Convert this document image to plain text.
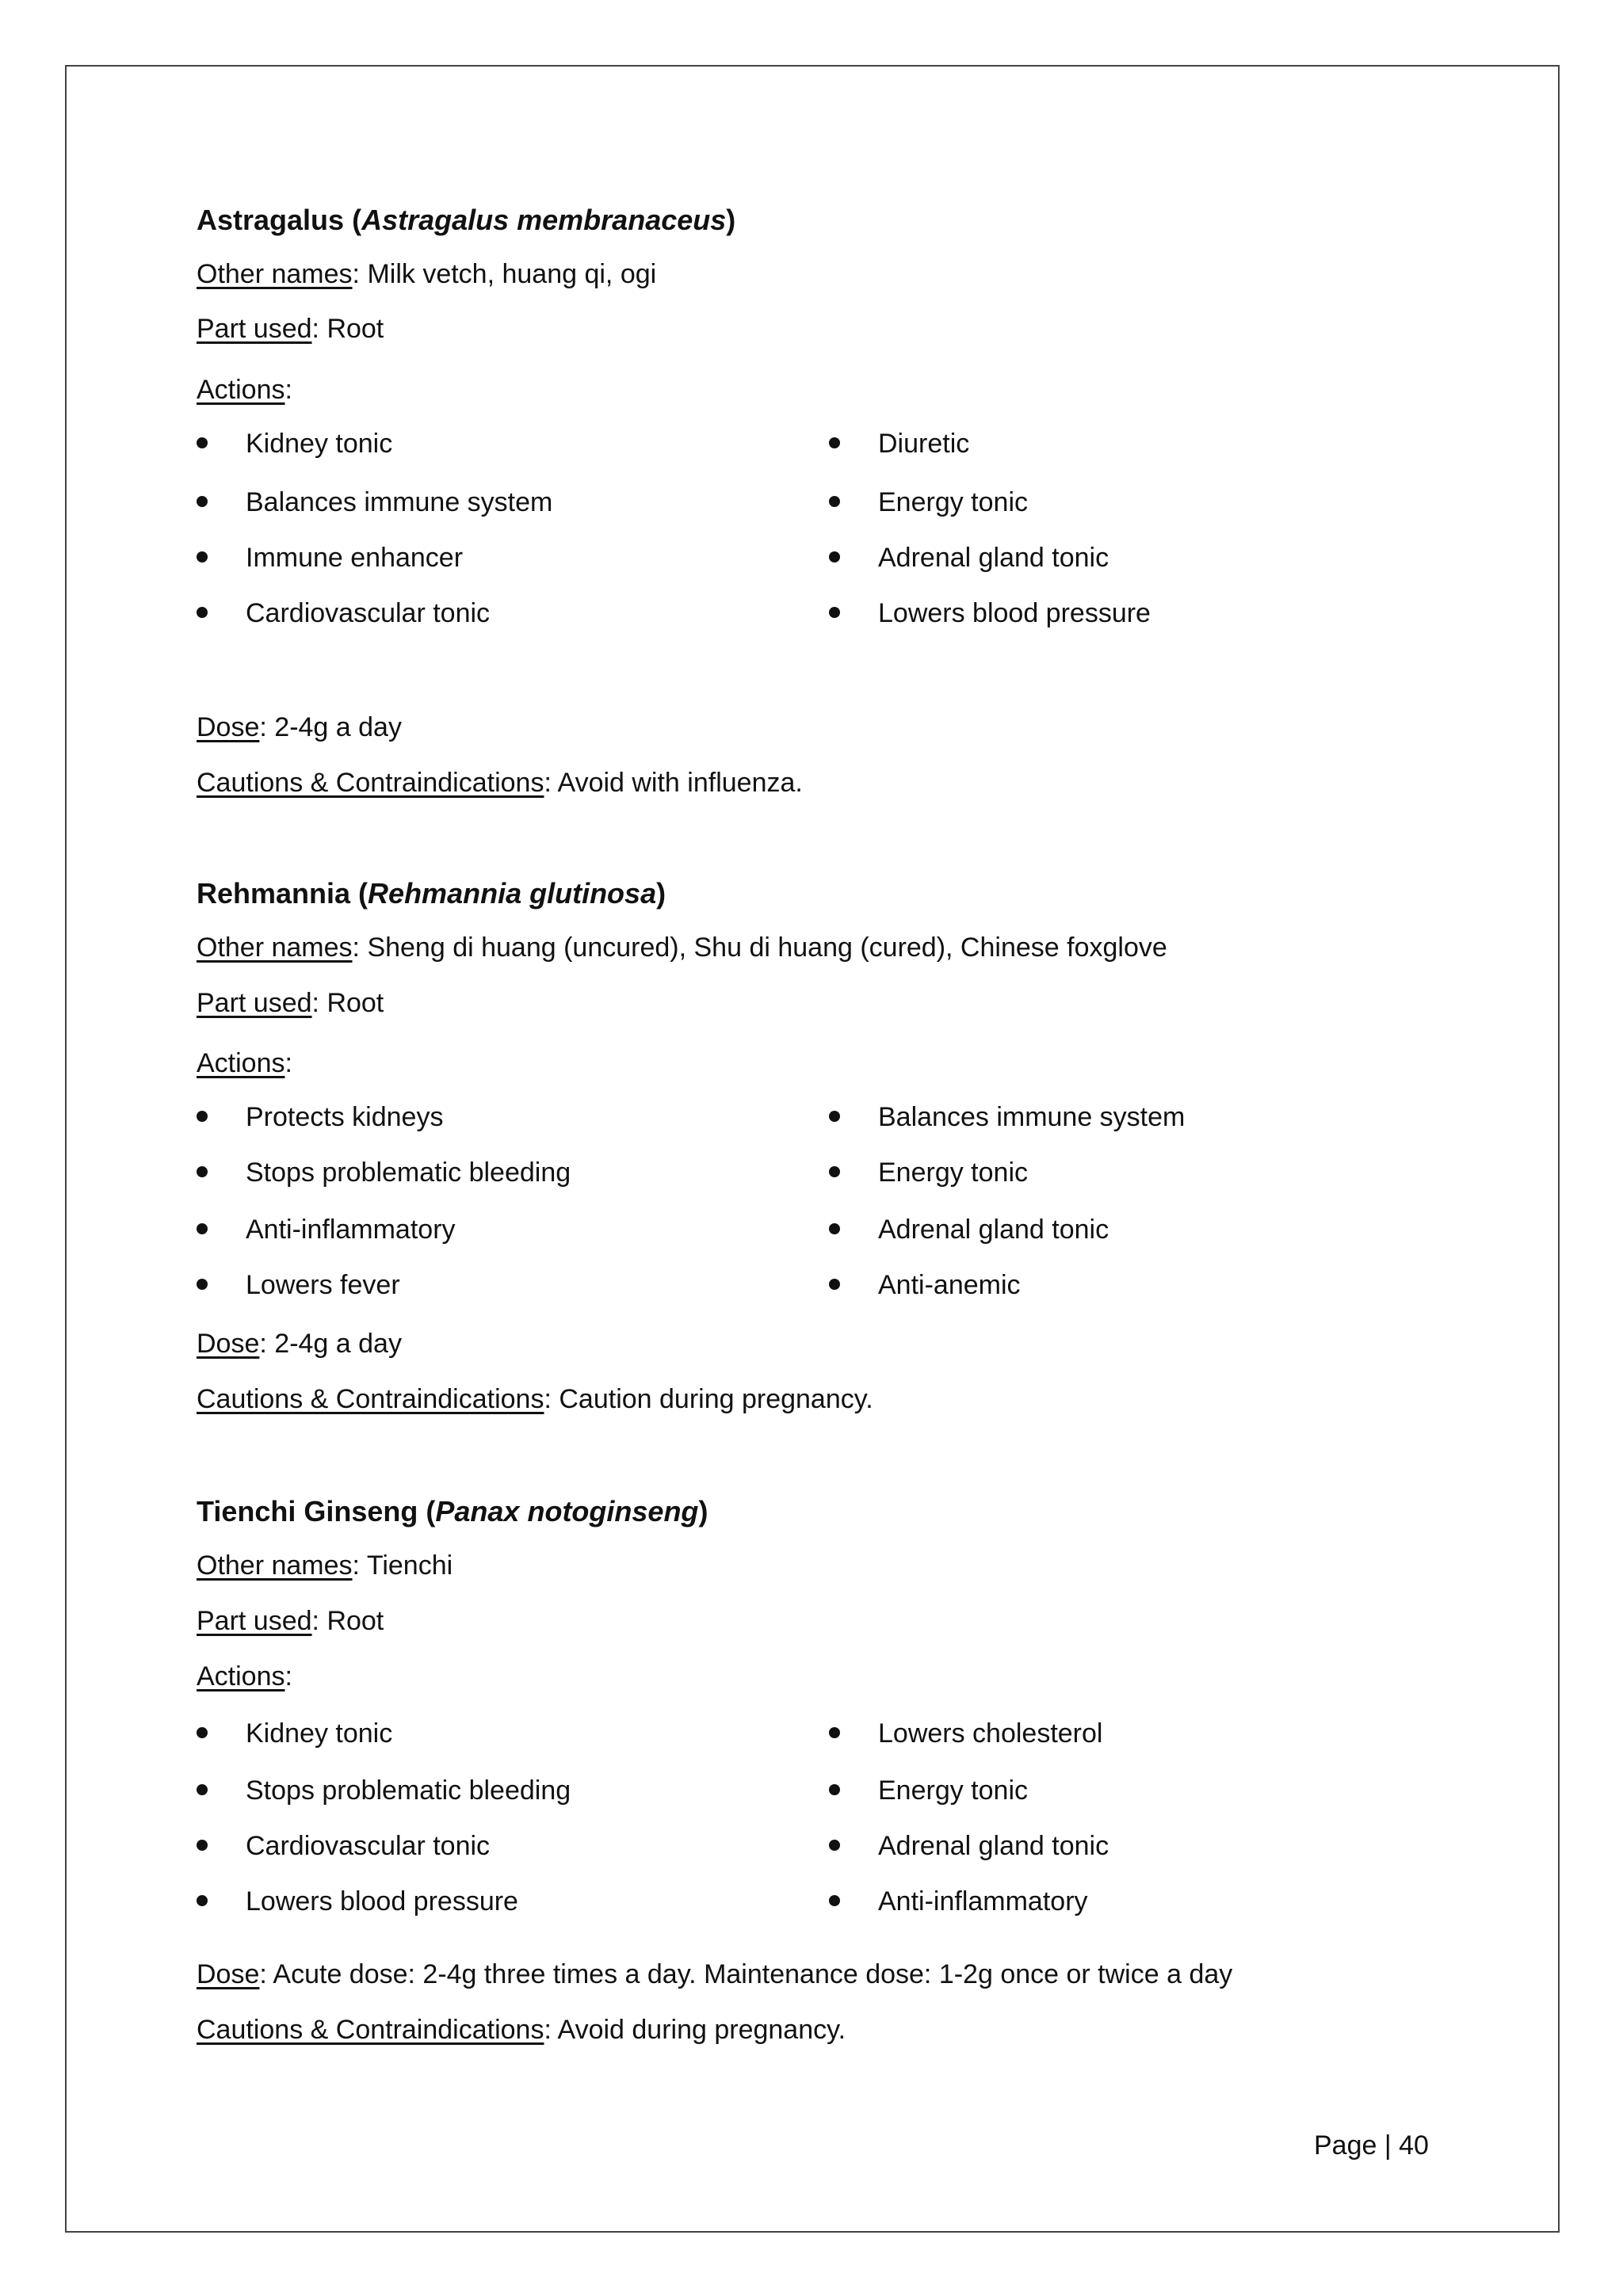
Astragalus (Astragalus membranaceus)
Other names: Milk vetch, huang qi, ogi
Part used: Root
Actions:
Kidney tonic
Balances immune system
Immune enhancer
Cardiovascular tonic
Diuretic
Energy tonic
Adrenal gland tonic
Lowers blood pressure
Dose: 2-4g a day
Cautions & Contraindications: Avoid with influenza.
Rehmannia (Rehmannia glutinosa)
Other names: Sheng di huang (uncured), Shu di huang (cured), Chinese foxglove
Part used: Root
Actions:
Protects kidneys
Stops problematic bleeding
Anti-inflammatory
Lowers fever
Balances immune system
Energy tonic
Adrenal gland tonic
Anti-anemic
Dose: 2-4g a day
Cautions & Contraindications: Caution during pregnancy.
Tienchi Ginseng (Panax notoginseng)
Other names: Tienchi
Part used: Root
Actions:
Kidney tonic
Stops problematic bleeding
Cardiovascular tonic
Lowers blood pressure
Lowers cholesterol
Energy tonic
Adrenal gland tonic
Anti-inflammatory
Dose: Acute dose: 2-4g three times a day. Maintenance dose: 1-2g once or twice a day
Cautions & Contraindications: Avoid during pregnancy.
Page | 40
